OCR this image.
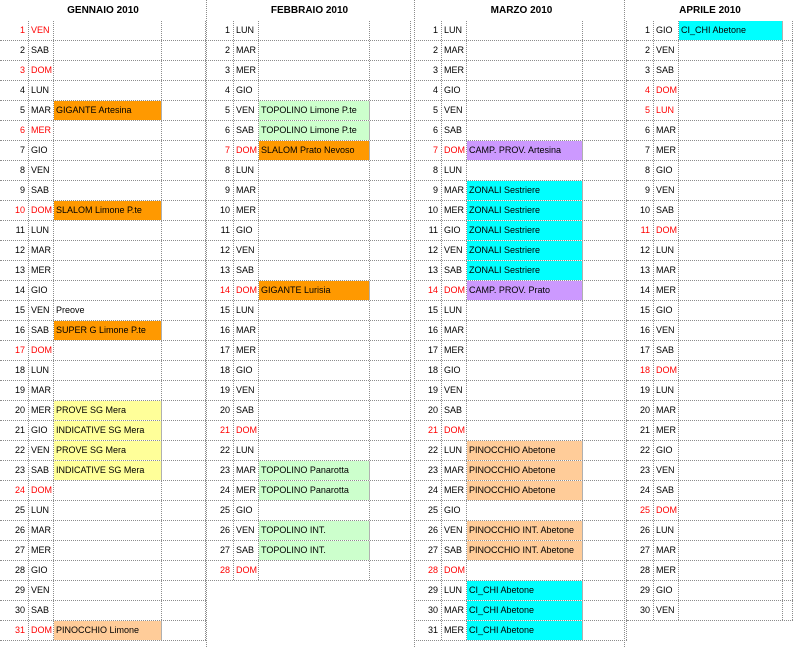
GENNAIO 2010
1 VEN
2 SAB
3 DOM
4 LUN
5 MAR GIGANTE Artesina
6 MER
7 GIO
8 VEN
9 SAB
10 DOM SLALOM Limone P.te
11 LUN
12 MAR
13 MER
14 GIO
15 VEN Preove
16 SAB SUPER G Limone P.te
17 DOM
18 LUN
19 MAR
20 MER PROVE SG Mera
21 GIO INDICATIVE SG Mera
22 VEN PROVE SG Mera
23 SAB INDICATIVE SG Mera
24 DOM
25 LUN
26 MAR
27 MER
28 GIO
29 VEN
30 SAB
31 DOM PINOCCHIO Limone
FEBBRAIO 2010
1 LUN
2 MAR
3 MER
4 GIO
5 VEN TOPOLINO Limone P.te
6 SAB TOPOLINO Limone P.te
7 DOM SLALOM Prato Nevoso
8 LUN
9 MAR
10 MER
11 GIO
12 VEN
13 SAB
14 DOM GIGANTE Lurisia
15 LUN
16 MAR
17 MER
18 GIO
19 VEN
20 SAB
21 DOM
22 LUN
23 MAR TOPOLINO Panarotta
24 MER TOPOLINO Panarotta
25 GIO
26 VEN TOPOLINO INT.
27 SAB TOPOLINO INT.
28 DOM
MARZO 2010
1 LUN
2 MAR
3 MER
4 GIO
5 VEN
6 SAB
7 DOM CAMP. PROV. Artesina
8 LUN
9 MAR ZONALI Sestriere
10 MER ZONALI Sestriere
11 GIO ZONALI Sestriere
12 VEN ZONALI Sestriere
13 SAB ZONALI Sestriere
14 DOM CAMP. PROV. Prato
15 LUN
16 MAR
17 MER
18 GIO
19 VEN
20 SAB
21 DOM
22 LUN PINOCCHIO Abetone
23 MAR PINOCCHIO Abetone
24 MER PINOCCHIO Abetone
25 GIO
26 VEN PINOCCHIO INT. Abetone
27 SAB PINOCCHIO INT. Abetone
28 DOM
29 LUN CI_CHI Abetone
30 MAR CI_CHI Abetone
31 MER CI_CHI Abetone
APRILE 2010
1 GIO CI_CHI Abetone
2 VEN
3 SAB
4 DOM
5 LUN
6 MAR
7 MER
8 GIO
9 VEN
10 SAB
11 DOM
12 LUN
13 MAR
14 MER
15 GIO
16 VEN
17 SAB
18 DOM
19 LUN
20 MAR
21 MER
22 GIO
23 VEN
24 SAB
25 DOM
26 LUN
27 MAR
28 MER
29 GIO
30 VEN
